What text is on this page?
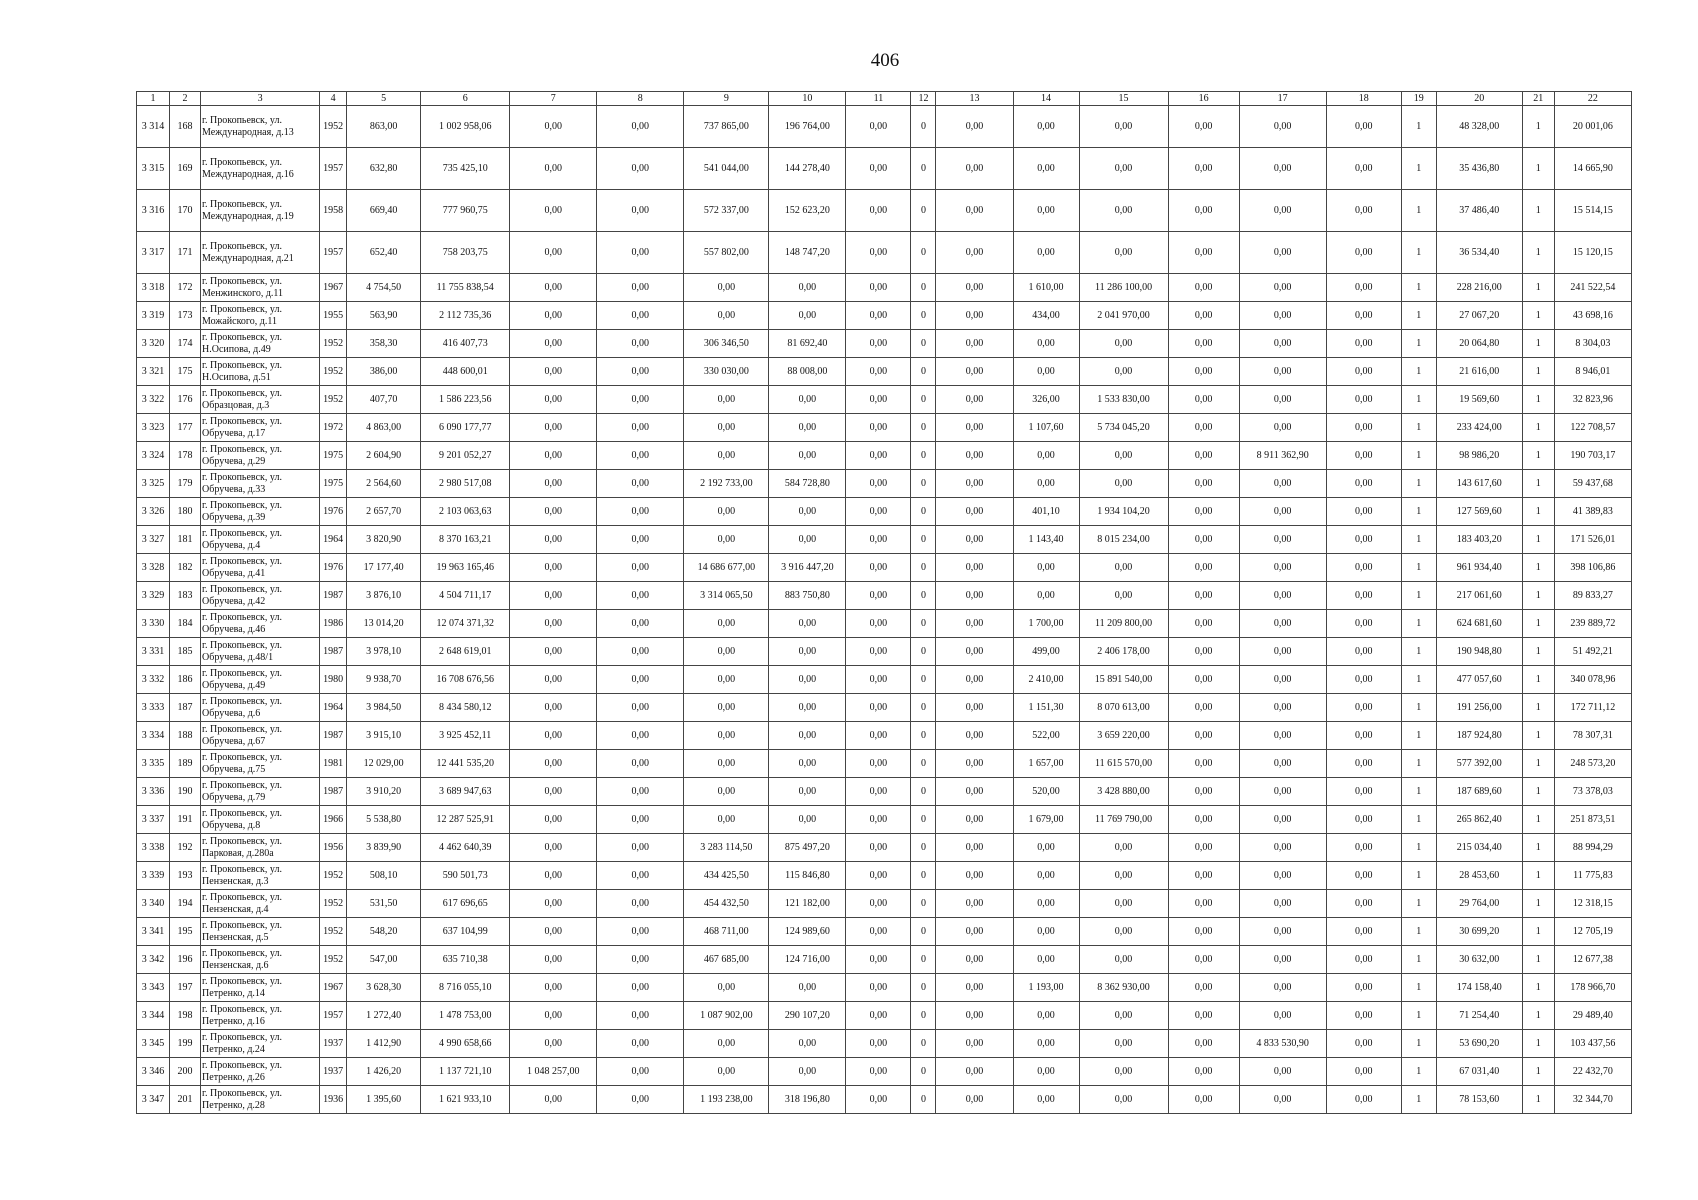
406
1	2	3	4	5	6	7	8	9	10	11	12	13	14	15	16	17	18	19	20	21	22
3 314	168	г. Прокопьевск, ул. Международная, д.13	1952	863,00	1 002 958,06	0,00	0,00	737 865,00	196 764,00	0,00	0	0,00	0,00	0,00	0,00	0,00	0,00	1	48 328,00	1	20 001,06
3 315	169	г. Прокопьевск, ул. Международная, д.16	1957	632,80	735 425,10	0,00	0,00	541 044,00	144 278,40	0,00	0	0,00	0,00	0,00	0,00	0,00	0,00	1	35 436,80	1	14 665,90
3 316	170	г. Прокопьевск, ул. Международная, д.19	1958	669,40	777 960,75	0,00	0,00	572 337,00	152 623,20	0,00	0	0,00	0,00	0,00	0,00	0,00	0,00	1	37 486,40	1	15 514,15
3 317	171	г. Прокопьевск, ул. Международная, д.21	1957	652,40	758 203,75	0,00	0,00	557 802,00	148 747,20	0,00	0	0,00	0,00	0,00	0,00	0,00	0,00	1	36 534,40	1	15 120,15
3 318	172	г. Прокопьевск, ул. Менжинского, д.11	1967	4 754,50	11 755 838,54	0,00	0,00	0,00	0,00	0,00	0	0,00	1 610,00	11 286 100,00	0,00	0,00	0,00	1	228 216,00	1	241 522,54
3 319	173	г. Прокопьевск, ул. Можайского, д.11	1955	563,90	2 112 735,36	0,00	0,00	0,00	0,00	0,00	0	0,00	434,00	2 041 970,00	0,00	0,00	0,00	1	27 067,20	1	43 698,16
3 320	174	г. Прокопьевск, ул. Н.Осипова, д.49	1952	358,30	416 407,73	0,00	0,00	306 346,50	81 692,40	0,00	0	0,00	0,00	0,00	0,00	0,00	0,00	1	20 064,80	1	8 304,03
3 321	175	г. Прокопьевск, ул. Н.Осипова, д.51	1952	386,00	448 600,01	0,00	0,00	330 030,00	88 008,00	0,00	0	0,00	0,00	0,00	0,00	0,00	0,00	1	21 616,00	1	8 946,01
3 322	176	г. Прокопьевск, ул. Образцовая, д.3	1952	407,70	1 586 223,56	0,00	0,00	0,00	0,00	0,00	0	0,00	326,00	1 533 830,00	0,00	0,00	0,00	1	19 569,60	1	32 823,96
3 323	177	г. Прокопьевск, ул. Обручева, д.17	1972	4 863,00	6 090 177,77	0,00	0,00	0,00	0,00	0,00	0	0,00	1 107,60	5 734 045,20	0,00	0,00	0,00	1	233 424,00	1	122 708,57
3 324	178	г. Прокопьевск, ул. Обручева, д.29	1975	2 604,90	9 201 052,27	0,00	0,00	0,00	0,00	0,00	0	0,00	0,00	0,00	0,00	8 911 362,90	0,00	1	98 986,20	1	190 703,17
3 325	179	г. Прокопьевск, ул. Обручева, д.33	1975	2 564,60	2 980 517,08	0,00	0,00	2 192 733,00	584 728,80	0,00	0	0,00	0,00	0,00	0,00	0,00	0,00	1	143 617,60	1	59 437,68
3 326	180	г. Прокопьевск, ул. Обручева, д.39	1976	2 657,70	2 103 063,63	0,00	0,00	0,00	0,00	0,00	0	0,00	401,10	1 934 104,20	0,00	0,00	0,00	1	127 569,60	1	41 389,83
3 327	181	г. Прокопьевск, ул. Обручева, д.4	1964	3 820,90	8 370 163,21	0,00	0,00	0,00	0,00	0,00	0	0,00	1 143,40	8 015 234,00	0,00	0,00	0,00	1	183 403,20	1	171 526,01
3 328	182	г. Прокопьевск, ул. Обручева, д.41	1976	17 177,40	19 963 165,46	0,00	0,00	14 686 677,00	3 916 447,20	0,00	0	0,00	0,00	0,00	0,00	0,00	0,00	1	961 934,40	1	398 106,86
3 329	183	г. Прокопьевск, ул. Обручева, д.42	1987	3 876,10	4 504 711,17	0,00	0,00	3 314 065,50	883 750,80	0,00	0	0,00	0,00	0,00	0,00	0,00	0,00	1	217 061,60	1	89 833,27
3 330	184	г. Прокопьевск, ул. Обручева, д.46	1986	13 014,20	12 074 371,32	0,00	0,00	0,00	0,00	0,00	0	0,00	1 700,00	11 209 800,00	0,00	0,00	0,00	1	624 681,60	1	239 889,72
3 331	185	г. Прокопьевск, ул. Обручева, д.48/1	1987	3 978,10	2 648 619,01	0,00	0,00	0,00	0,00	0,00	0	0,00	499,00	2 406 178,00	0,00	0,00	0,00	1	190 948,80	1	51 492,21
3 332	186	г. Прокопьевск, ул. Обручева, д.49	1980	9 938,70	16 708 676,56	0,00	0,00	0,00	0,00	0,00	0	0,00	2 410,00	15 891 540,00	0,00	0,00	0,00	1	477 057,60	1	340 078,96
3 333	187	г. Прокопьевск, ул. Обручева, д.6	1964	3 984,50	8 434 580,12	0,00	0,00	0,00	0,00	0,00	0	0,00	1 151,30	8 070 613,00	0,00	0,00	0,00	1	191 256,00	1	172 711,12
3 334	188	г. Прокопьевск, ул. Обручева, д.67	1987	3 915,10	3 925 452,11	0,00	0,00	0,00	0,00	0,00	0	0,00	522,00	3 659 220,00	0,00	0,00	0,00	1	187 924,80	1	78 307,31
3 335	189	г. Прокопьевск, ул. Обручева, д.75	1981	12 029,00	12 441 535,20	0,00	0,00	0,00	0,00	0,00	0	0,00	1 657,00	11 615 570,00	0,00	0,00	0,00	1	577 392,00	1	248 573,20
3 336	190	г. Прокопьевск, ул. Обручева, д.79	1987	3 910,20	3 689 947,63	0,00	0,00	0,00	0,00	0,00	0	0,00	520,00	3 428 880,00	0,00	0,00	0,00	1	187 689,60	1	73 378,03
3 337	191	г. Прокопьевск, ул. Обручева, д.8	1966	5 538,80	12 287 525,91	0,00	0,00	0,00	0,00	0,00	0	0,00	1 679,00	11 769 790,00	0,00	0,00	0,00	1	265 862,40	1	251 873,51
3 338	192	г. Прокопьевск, ул. Парковая, д.280а	1956	3 839,90	4 462 640,39	0,00	0,00	3 283 114,50	875 497,20	0,00	0	0,00	0,00	0,00	0,00	0,00	0,00	1	215 034,40	1	88 994,29
3 339	193	г. Прокопьевск, ул. Пензенская, д.3	1952	508,10	590 501,73	0,00	0,00	434 425,50	115 846,80	0,00	0	0,00	0,00	0,00	0,00	0,00	0,00	1	28 453,60	1	11 775,83
3 340	194	г. Прокопьевск, ул. Пензенская, д.4	1952	531,50	617 696,65	0,00	0,00	454 432,50	121 182,00	0,00	0	0,00	0,00	0,00	0,00	0,00	0,00	1	29 764,00	1	12 318,15
3 341	195	г. Прокопьевск, ул. Пензенская, д.5	1952	548,20	637 104,99	0,00	0,00	468 711,00	124 989,60	0,00	0	0,00	0,00	0,00	0,00	0,00	0,00	1	30 699,20	1	12 705,19
3 342	196	г. Прокопьевск, ул. Пензенская, д.6	1952	547,00	635 710,38	0,00	0,00	467 685,00	124 716,00	0,00	0	0,00	0,00	0,00	0,00	0,00	0,00	1	30 632,00	1	12 677,38
3 343	197	г. Прокопьевск, ул. Петренко, д.14	1967	3 628,30	8 716 055,10	0,00	0,00	0,00	0,00	0,00	0	0,00	1 193,00	8 362 930,00	0,00	0,00	0,00	1	174 158,40	1	178 966,70
3 344	198	г. Прокопьевск, ул. Петренко, д.16	1957	1 272,40	1 478 753,00	0,00	0,00	1 087 902,00	290 107,20	0,00	0	0,00	0,00	0,00	0,00	0,00	0,00	1	71 254,40	1	29 489,40
3 345	199	г. Прокопьевск, ул. Петренко, д.24	1937	1 412,90	4 990 658,66	0,00	0,00	0,00	0,00	0,00	0	0,00	0,00	0,00	0,00	4 833 530,90	0,00	1	53 690,20	1	103 437,56
3 346	200	г. Прокопьевск, ул. Петренко, д.26	1937	1 426,20	1 137 721,10	1 048 257,00	0,00	0,00	0,00	0,00	0	0,00	0,00	0,00	0,00	0,00	0,00	1	67 031,40	1	22 432,70
3 347	201	г. Прокопьевск, ул. Петренко, д.28	1936	1 395,60	1 621 933,10	0,00	0,00	1 193 238,00	318 196,80	0,00	0	0,00	0,00	0,00	0,00	0,00	0,00	1	78 153,60	1	32 344,70
